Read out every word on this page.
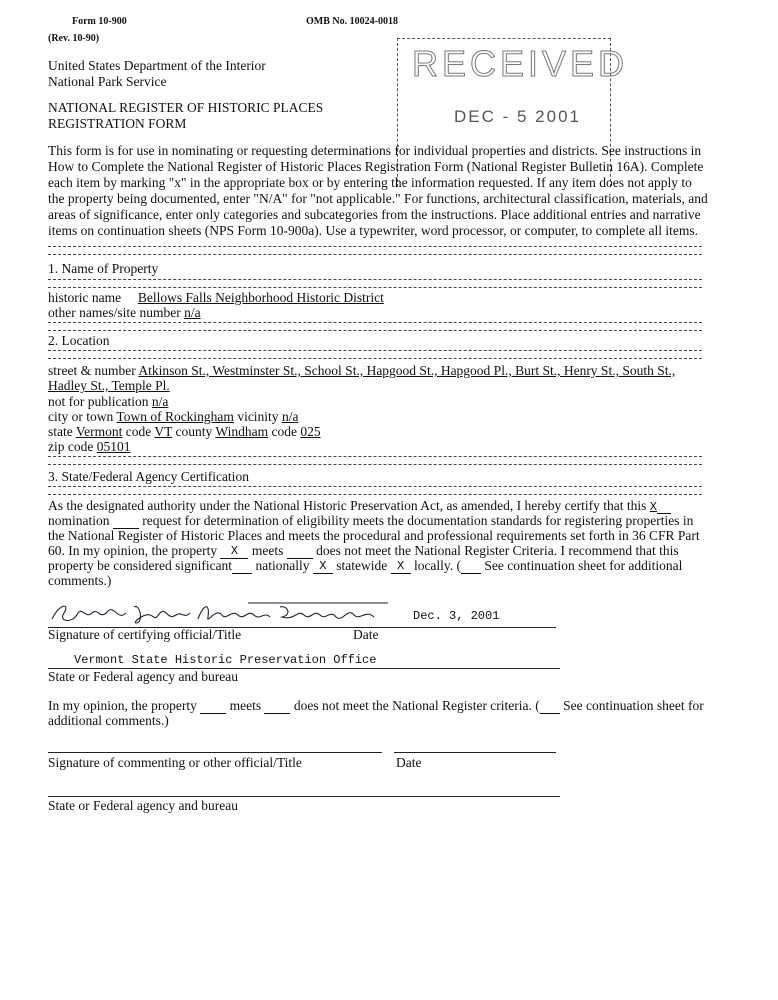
Form 10-900
(Rev. 10-90)
OMB No. 10024-0018
United States Department of the Interior
National Park Service
NATIONAL REGISTER OF HISTORIC PLACES
REGISTRATION FORM
RECEIVED
DEC - 5 2001
This form is for use in nominating or requesting determinations for individual properties and districts. See instructions in
How to Complete the National Register of Historic Places Registration Form (National Register Bulletin 16A). Complete
each item by marking "x" in the appropriate box or by entering the information requested. If any item does not apply to
the property being documented, enter "N/A" for "not applicable." For functions, architectural classification, materials, and
areas of significance, enter only categories and subcategories from the instructions. Place additional entries and narrative
items on continuation sheets (NPS Form 10-900a). Use a typewriter, word processor, or computer, to complete all items.
1. Name of Property
historic name Bellows Falls Neighborhood Historic District
other names/site number n/a
2. Location
street & number Atkinson St., Westminster St., School St., Hapgood St., Hapgood Pl., Burt St., Henry St., South St.,
Hadley St., Temple Pl.
not for publication n/a
city or town Town of Rockingham vicinity n/a
state Vermont code VT county Windham code 025
zip code 05101
3. State/Federal Agency Certification
As the designated authority under the National Historic Preservation Act, as amended, I hereby certify that this X
nomination request for determination of eligibility meets the documentation standards for registering properties in
the National Register of Historic Places and meets the procedural and professional requirements set forth in 36 CFR Part
60. In my opinion, the property X meets does not meet the National Register Criteria. I recommend that this
property be considered significant nationally X statewide X locally. ( See continuation sheet for additional
comments.)
Dec. 3, 2001
Signature of certifying official/Title	Date
Vermont State Historic Preservation Office
State or Federal agency and bureau
In my opinion, the property meets does not meet the National Register criteria. ( See continuation sheet for
additional comments.)
Signature of commenting or other official/Title	Date
State or Federal agency and bureau
